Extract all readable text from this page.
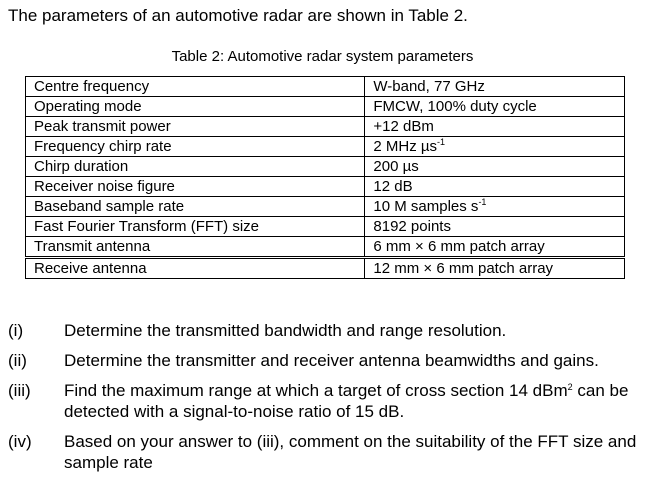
The parameters of an automotive radar are shown in Table 2.
Table 2: Automotive radar system parameters
Centre frequency	W-band, 77 GHz
Operating mode	FMCW, 100% duty cycle
Peak transmit power	+12 dBm
Frequency chirp rate	2 MHz µs$^{-1}$
Chirp duration	200 µs
Receiver noise figure	12 dB
Baseband sample rate	10 M samples $s^{-1}$
Fast Fourier Transform (FFT) size	8192 points
Transmit antenna	6 mm × 6 mm patch array
Receive antenna	12 mm × 6 mm patch array
(i)	Determine the transmitted bandwidth and range resolution.
(ii)	Determine the transmitter and receiver antenna beamwidths and gains.
(iii)	Find the maximum range at which a target of cross section 14 dBm$^2$ can be detected with a signal-to-noise ratio of 15 dB.
(iv)	Based on your answer to (iii), comment on the suitability of the FFT size and sample rate
